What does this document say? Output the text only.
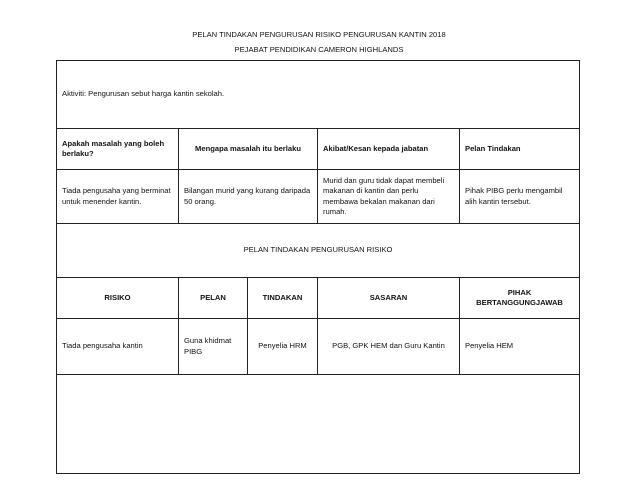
PELAN TINDAKAN PENGURUSAN RISIKO PENGURUSAN KANTIN 2018
PEJABAT PENDIDIKAN CAMERON HIGHLANDS
Aktiviti: Pengurusan sebut harga kantin sekolah.				
Apakah masalah yang boleh berlaku?	Mengapa masalah itu berlaku		Akibat/Kesan kepada jabatan	Pelan Tindakan
Tiada pengusaha yang berminat untuk menender kantin.	Bilangan murid yang kurang daripada 50 orang.		Murid dan guru tidak dapat membeli makanan di kantin dan perlu membawa bekalan makanan dari rumah.	Pihak PIBG perlu mengambil alih kantin tersebut.
PELAN TINDAKAN PENGURUSAN RISIKO				
RISIKO	PELAN	TINDAKAN	SASARAN	PIHAK BERTANGGUNGJAWAB
Tiada pengusaha kantin	Guna khidmat PIBG	Penyelia HRM	PGB, GPK HEM dan Guru Kantin	Penyelia HEM
